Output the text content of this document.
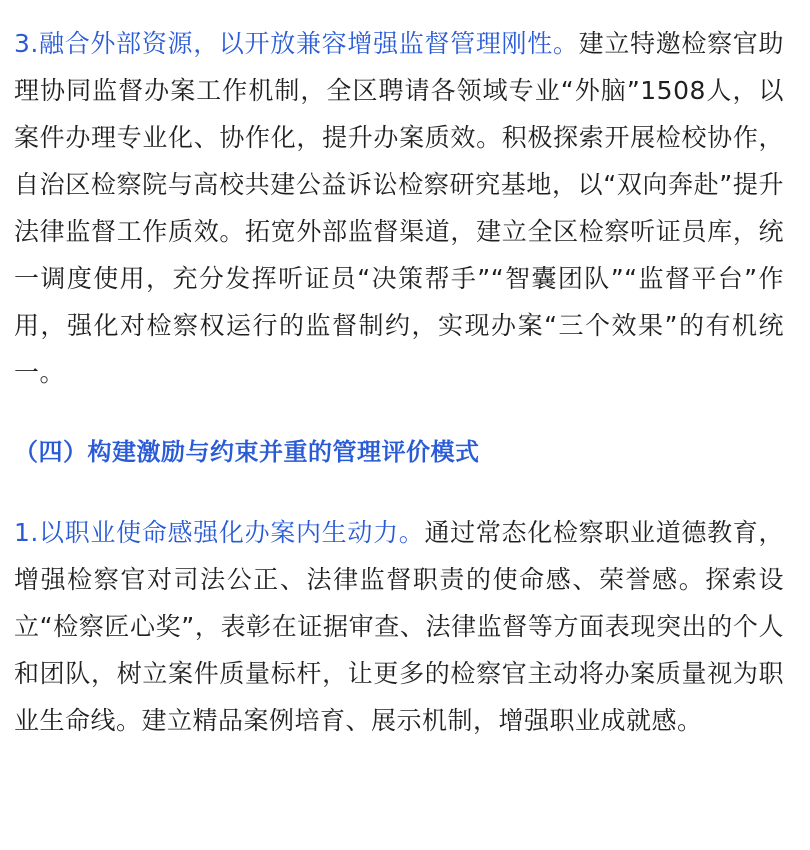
3.融合外部资源，以开放兼容增强监督管理刚性。建立特邀检察官助理协同监督办案工作机制，全区聘请各领域专业“外脑”1508人，以案件办理专业化、协作化，提升办案质效。积极探索开展检校协作，自治区检察院与高校共建公益诉讼检察研究基地，以“双向奔赴”提升法律监督工作质效。拓宽外部监督渠道，建立全区检察听证员库，统一调度使用，充分发挥听证员“决策帮手”“智囊团队”“监督平台”作用，强化对检察权运行的监督制约，实现办案“三个效果”的有机统一。

（四）构建激励与约束并重的管理评价模式

1.以职业使命感强化办案内生动力。通过常态化检察职业道德教育，增强检察官对司法公正、法律监督职责的使命感、荣誉感。探索设立“检察匠心奖”，表彰在证据审查、法律监督等方面表现突出的个人和团队，树立案件质量标杆，让更多的检察官主动将办案质量视为职业生命线。建立精品案例培育、展示机制，增强职业成就感。
